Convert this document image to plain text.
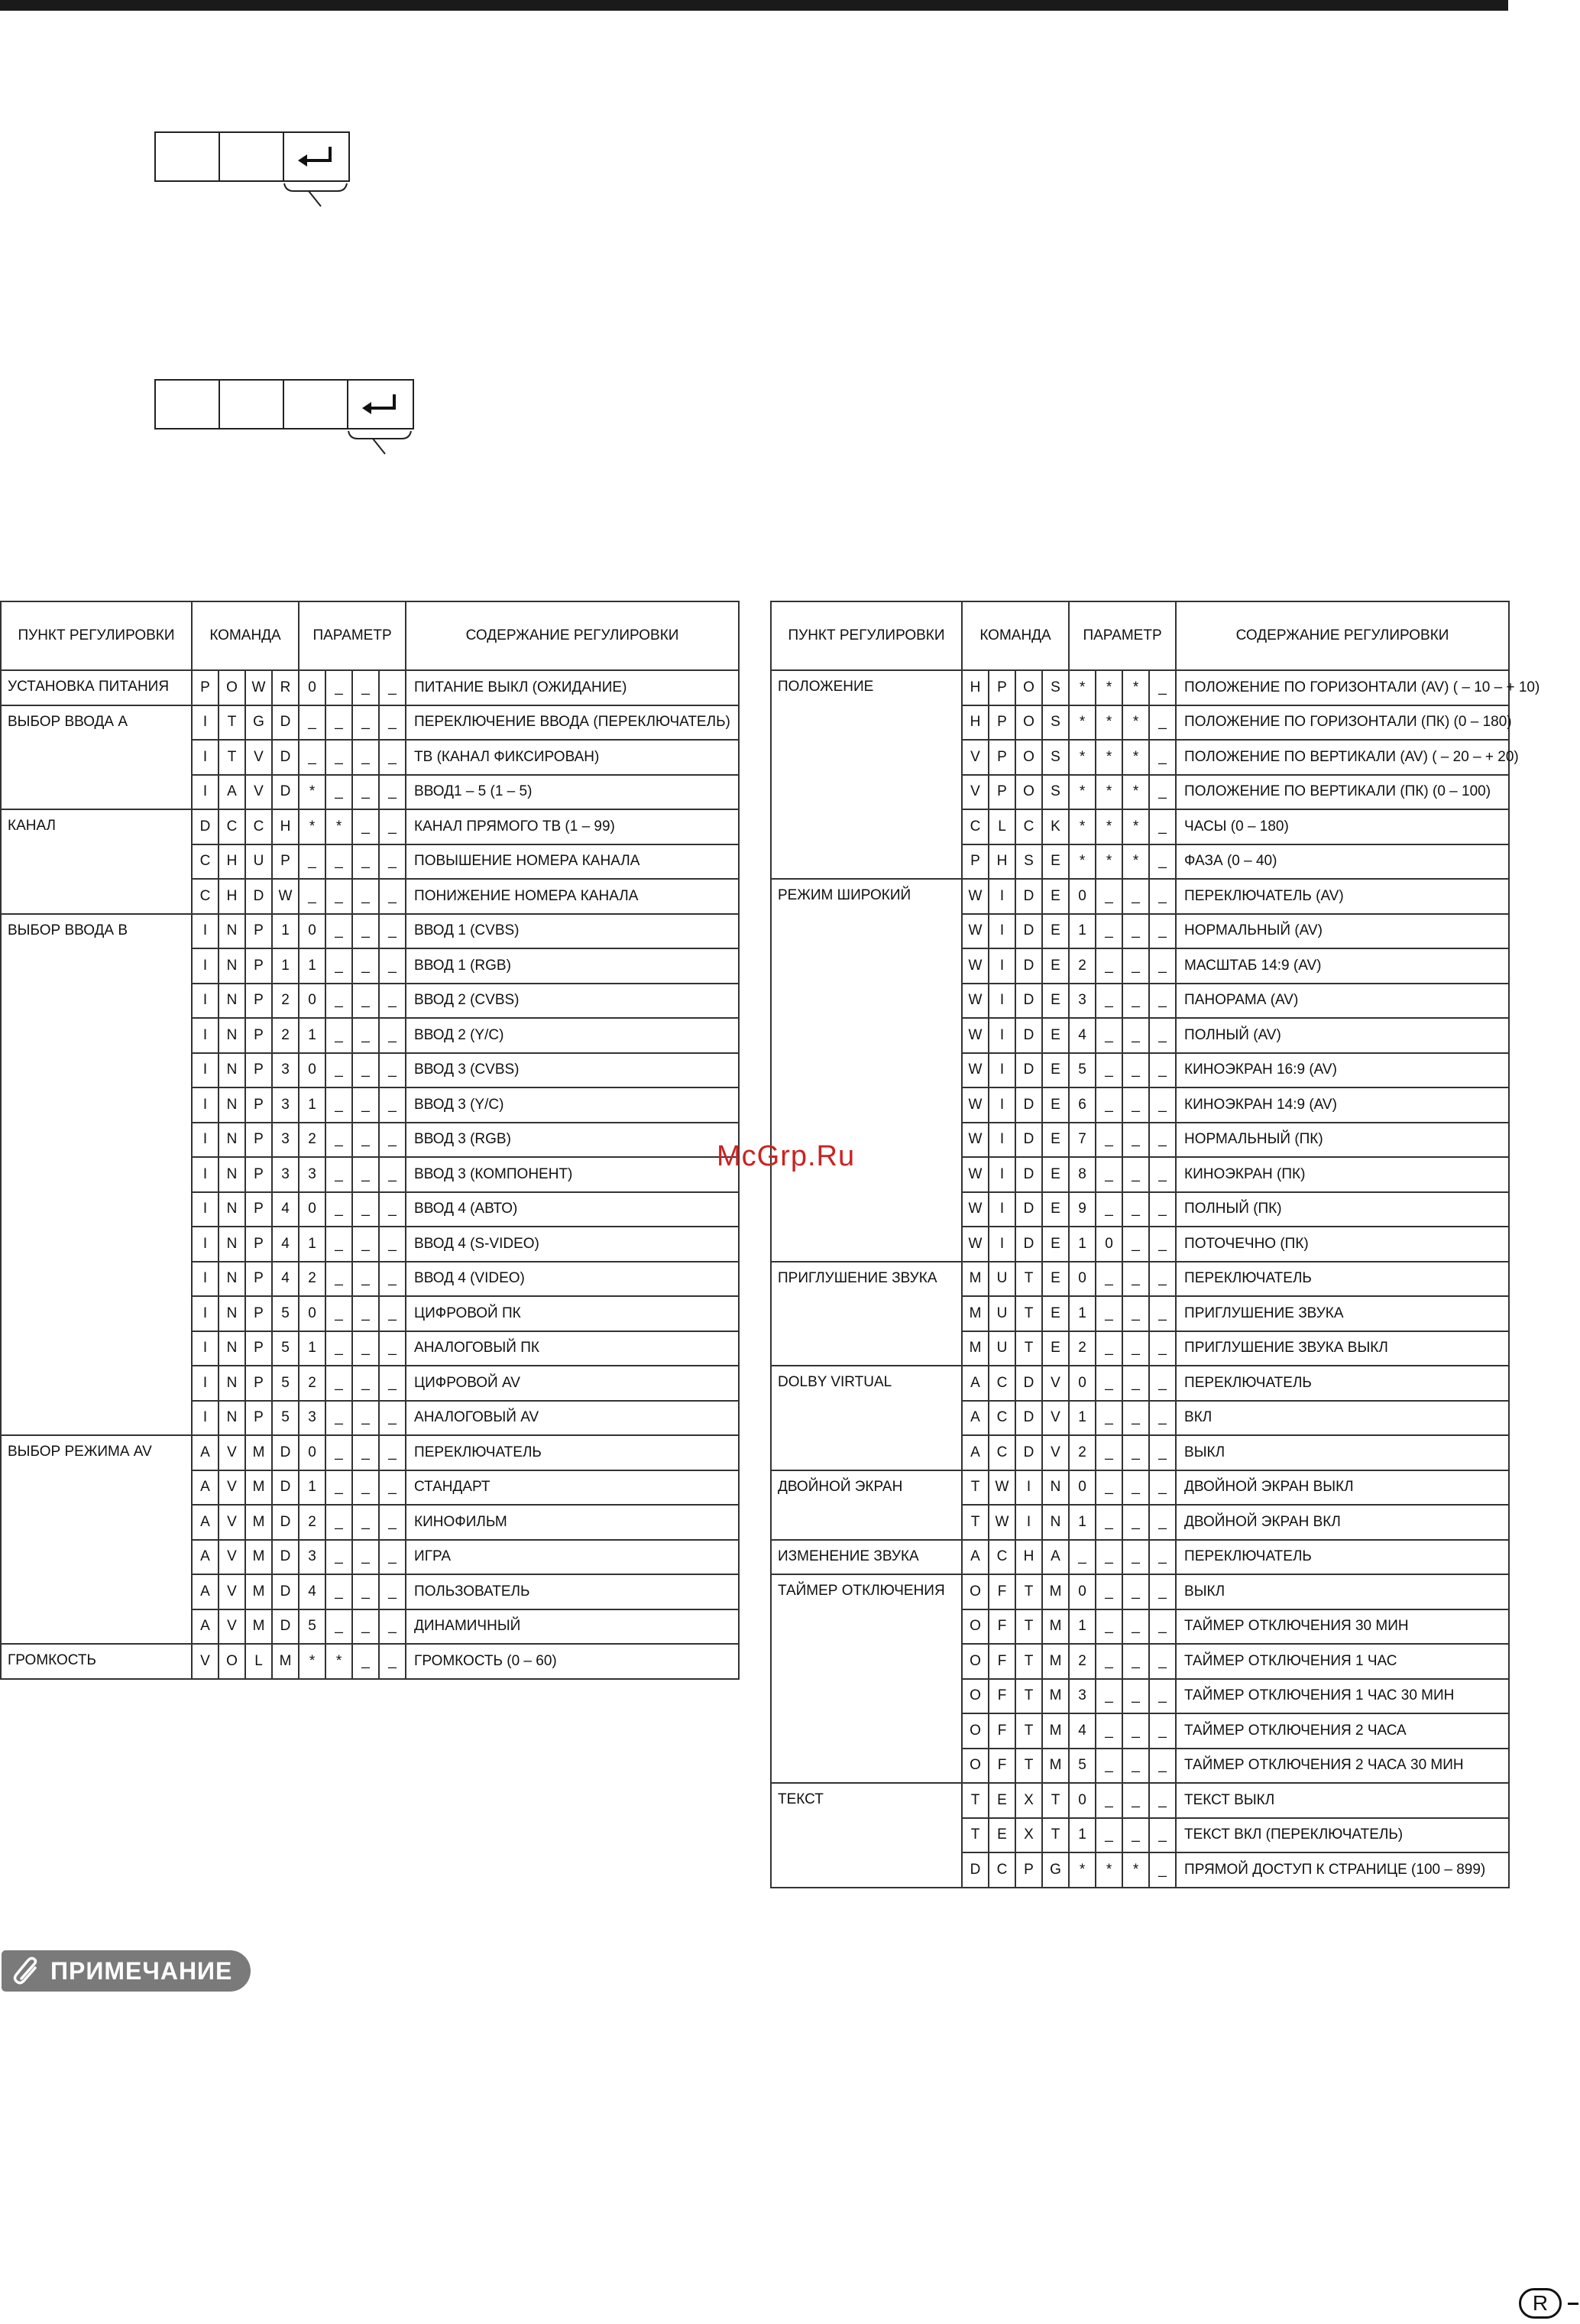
ПУНКТ РЕГУЛИРОВКИ	КОМАНДА				ПАРАМЕТР				СОДЕРЖАНИЕ РЕГУЛИРОВКИ
УСТАНОВКА ПИТАНИЯ	P	O	W	R	0	_	_	_	ПИТАНИЕ ВЫКЛ (ОЖИДАНИЕ)
ВЫБОР ВВОДА А	I	T	G	D	_	_	_	_	ПЕРЕКЛЮЧЕНИЕ ВВОДА (ПЕРЕКЛЮЧАТЕЛЬ)
	I	T	V	D	_	_	_	_	ТВ (КАНАЛ ФИКСИРОВАН)
	I	A	V	D	*	_	_	_	ВВОД1 – 5 (1 – 5)
КАНАЛ	D	C	C	H	*	*	_	_	КАНАЛ ПРЯМОГО ТВ (1 – 99)
	C	H	U	P	_	_	_	_	ПОВЫШЕНИЕ НОМЕРА КАНАЛА
	C	H	D	W	_	_	_	_	ПОНИЖЕНИЕ НОМЕРА КАНАЛА
ВЫБОР ВВОДА В	I	N	P	1	0	_	_	_	ВВОД 1 (CVBS)
	I	N	P	1	1	_	_	_	ВВОД 1 (RGB)
	I	N	P	2	0	_	_	_	ВВОД 2 (CVBS)
	I	N	P	2	1	_	_	_	ВВОД 2 (Y/C)
	I	N	P	3	0	_	_	_	ВВОД 3 (CVBS)
	I	N	P	3	1	_	_	_	ВВОД 3 (Y/C)
	I	N	P	3	2	_	_	_	ВВОД 3 (RGB)
	I	N	P	3	3	_	_	_	ВВОД 3 (КОМПОНЕНТ)
	I	N	P	4	0	_	_	_	ВВОД 4 (АВТО)
	I	N	P	4	1	_	_	_	ВВОД 4 (S-VIDEO)
	I	N	P	4	2	_	_	_	ВВОД 4 (VIDEO)
	I	N	P	5	0	_	_	_	ЦИФРОВОЙ ПК
	I	N	P	5	1	_	_	_	АНАЛОГОВЫЙ ПК
	I	N	P	5	2	_	_	_	ЦИФРОВОЙ AV
	I	N	P	5	3	_	_	_	АНАЛОГОВЫЙ AV
ВЫБОР РЕЖИМА AV	A	V	M	D	0	_	_	_	ПЕРЕКЛЮЧАТЕЛЬ
	A	V	M	D	1	_	_	_	СТАНДАРТ
	A	V	M	D	2	_	_	_	КИНОФИЛЬМ
	A	V	M	D	3	_	_	_	ИГРА
	A	V	M	D	4	_	_	_	ПОЛЬЗОВАТЕЛЬ
	A	V	M	D	5	_	_	_	ДИНАМИЧНЫЙ
ГРОМКОСТЬ	V	O	L	M	*	*	_	_	ГРОМКОСТЬ (0 – 60)
ПУНКТ РЕГУЛИРОВКИ	КОМАНДА				ПАРАМЕТР				СОДЕРЖАНИЕ РЕГУЛИРОВКИ
ПОЛОЖЕНИЕ	H	P	O	S	*	*	*	_	ПОЛОЖЕНИЕ ПО ГОРИЗОНТАЛИ (AV) ( – 10 – + 10)
	H	P	O	S	*	*	*	_	ПОЛОЖЕНИЕ ПО ГОРИЗОНТАЛИ (ПК) (0 – 180)
	V	P	O	S	*	*	*	_	ПОЛОЖЕНИЕ ПО ВЕРТИКАЛИ (AV) ( – 20 – + 20)
	V	P	O	S	*	*	*	_	ПОЛОЖЕНИЕ ПО ВЕРТИКАЛИ (ПК) (0 – 100)
	C	L	C	K	*	*	*	_	ЧАСЫ (0 – 180)
	P	H	S	E	*	*	*	_	ФАЗА (0 – 40)
РЕЖИМ ШИРОКИЙ	W	I	D	E	0	_	_	_	ПЕРЕКЛЮЧАТЕЛЬ (AV)
	W	I	D	E	1	_	_	_	НОРМАЛЬНЫЙ (AV)
	W	I	D	E	2	_	_	_	МАСШТАБ 14:9 (AV)
	W	I	D	E	3	_	_	_	ПАНОРАМА (AV)
	W	I	D	E	4	_	_	_	ПОЛНЫЙ (AV)
	W	I	D	E	5	_	_	_	КИНОЭКРАН 16:9 (AV)
	W	I	D	E	6	_	_	_	КИНОЭКРАН 14:9 (AV)
	W	I	D	E	7	_	_	_	НОРМАЛЬНЫЙ (ПК)
	W	I	D	E	8	_	_	_	КИНОЭКРАН (ПК)
	W	I	D	E	9	_	_	_	ПОЛНЫЙ (ПК)
	W	I	D	E	1	0	_	_	ПОТОЧЕЧНО (ПК)
ПРИГЛУШЕНИЕ ЗВУКА	M	U	T	E	0	_	_	_	ПЕРЕКЛЮЧАТЕЛЬ
	M	U	T	E	1	_	_	_	ПРИГЛУШЕНИЕ ЗВУКА
	M	U	T	E	2	_	_	_	ПРИГЛУШЕНИЕ ЗВУКА ВЫКЛ
DOLBY VIRTUAL	A	C	D	V	0	_	_	_	ПЕРЕКЛЮЧАТЕЛЬ
	A	C	D	V	1	_	_	_	ВКЛ
	A	C	D	V	2	_	_	_	ВЫКЛ
ДВОЙНОЙ ЭКРАН	T	W	I	N	0	_	_	_	ДВОЙНОЙ ЭКРАН ВЫКЛ
	T	W	I	N	1	_	_	_	ДВОЙНОЙ ЭКРАН ВКЛ
ИЗМЕНЕНИЕ ЗВУКА	A	C	H	A	_	_	_	_	ПЕРЕКЛЮЧАТЕЛЬ
ТАЙМЕР ОТКЛЮЧЕНИЯ	O	F	T	M	0	_	_	_	ВЫКЛ
	O	F	T	M	1	_	_	_	ТАЙМЕР ОТКЛЮЧЕНИЯ 30 МИН
	O	F	T	M	2	_	_	_	ТАЙМЕР ОТКЛЮЧЕНИЯ 1 ЧАС
	O	F	T	M	3	_	_	_	ТАЙМЕР ОТКЛЮЧЕНИЯ 1 ЧАС 30 МИН
	O	F	T	M	4	_	_	_	ТАЙМЕР ОТКЛЮЧЕНИЯ 2 ЧАСА
	O	F	T	M	5	_	_	_	ТАЙМЕР ОТКЛЮЧЕНИЯ 2 ЧАСА 30 МИН
ТЕКСТ	T	E	X	T	0	_	_	_	ТЕКСТ ВЫКЛ
	T	E	X	T	1	_	_	_	ТЕКСТ ВКЛ (ПЕРЕКЛЮЧАТЕЛЬ)
	D	C	P	G	*	*	*	_	ПРЯМОЙ ДОСТУП К СТРАНИЦЕ (100 – 899)
McGrp.Ru
ПРИМЕЧАНИЕ
R
